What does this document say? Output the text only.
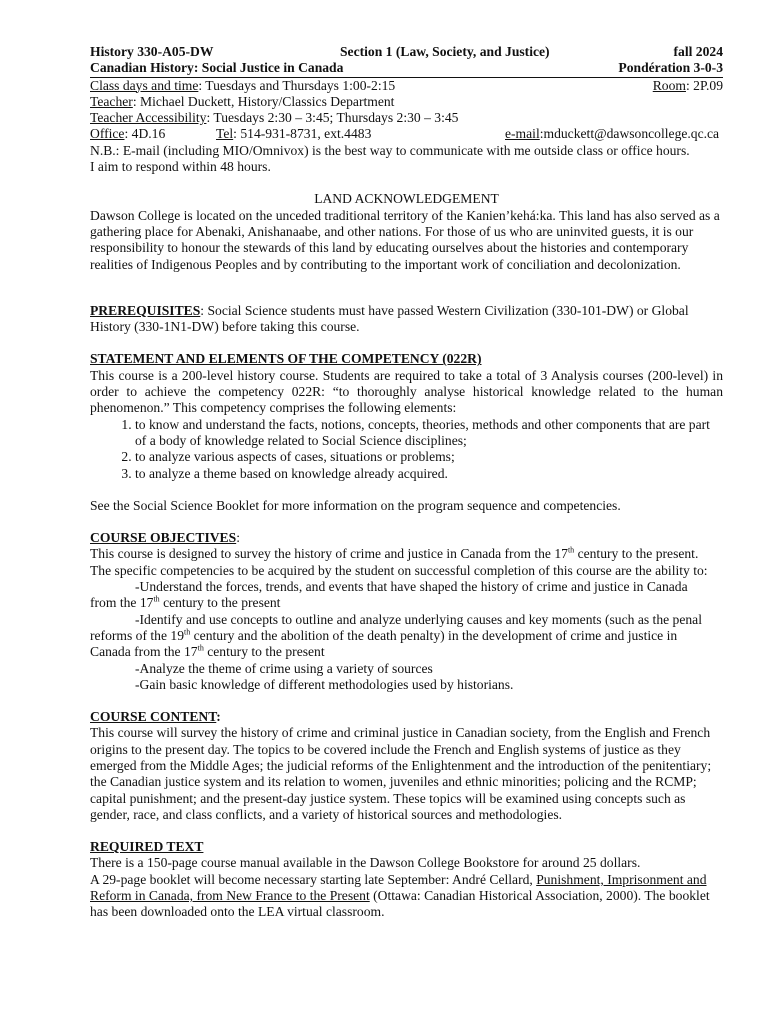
History 330-A05-DW	Section 1 (Law, Society, and Justice)	fall 2024
Canadian History: Social Justice in Canada	Pondération 3-0-3
Class days and time: Tuesdays and Thursdays 1:00-2:15	Room: 2P.09
Teacher: Michael Duckett, History/Classics Department
Teacher Accessibility: Tuesdays 2:30 – 3:45; Thursdays 2:30 – 3:45
Office: 4D.16	Tel: 514-931-8731, ext.4483	e-mail:mduckett@dawsoncollege.qc.ca

N.B.: E-mail (including MIO/Omnivox) is the best way to communicate with me outside class or office hours.

I aim to respond within 48 hours.

LAND ACKNOWLEDGEMENT

Dawson College is located on the unceded traditional territory of the Kanien’kehá:ka. This land has also served as a gathering place for Abenaki, Anishanaabe, and other nations. For those of us who are uninvited guests, it is our responsibility to honour the stewards of this land by educating ourselves about the histories and contemporary realities of Indigenous Peoples and by contributing to the important work of conciliation and decolonization.

PREREQUISITES: Social Science students must have passed Western Civilization (330-101-DW) or Global History (330-1N1-DW) before taking this course.

STATEMENT AND ELEMENTS OF THE COMPETENCY (022R)

This course is a 200-level history course. Students are required to take a total of 3 Analysis courses (200-level) in order to achieve the competency 022R: “to thoroughly analyse historical knowledge related to the human phenomenon.” This competency comprises the following elements:

1. to know and understand the facts, notions, concepts, theories, methods and other components that are part of a body of knowledge related to Social Science disciplines;
2. to analyze various aspects of cases, situations or problems;
3. to analyze a theme based on knowledge already acquired.

See the Social Science Booklet for more information on the program sequence and competencies.

COURSE OBJECTIVES:

This course is designed to survey the history of crime and justice in Canada from the 17th century to the present.

The specific competencies to be acquired by the student on successful completion of this course are the ability to:

-Understand the forces, trends, and events that have shaped the history of crime and justice in Canada

from the 17th century to the present

-Identify and use concepts to outline and analyze underlying causes and key moments (such as the penal

reforms of the 19th century and the abolition of the death penalty) in the development of crime and justice in

Canada from the 17th century to the present

-Analyze the theme of crime using a variety of sources

-Gain basic knowledge of different methodologies used by historians.

COURSE CONTENT:

This course will survey the history of crime and criminal justice in Canadian society, from the English and French origins to the present day. The topics to be covered include the French and English systems of justice as they emerged from the Middle Ages; the judicial reforms of the Enlightenment and the introduction of the penitentiary; the Canadian justice system and its relation to women, juveniles and ethnic minorities; policing and the RCMP; capital punishment; and the present-day justice system. These topics will be examined using concepts such as gender, race, and class conflicts, and a variety of historical sources and methodologies.

REQUIRED TEXT

There is a 150-page course manual available in the Dawson College Bookstore for around 25 dollars.

A 29-page booklet will become necessary starting late September: André Cellard, Punishment, Imprisonment and Reform in Canada, from New France to the Present (Ottawa: Canadian Historical Association, 2000). The booklet has been downloaded onto the LEA virtual classroom.
